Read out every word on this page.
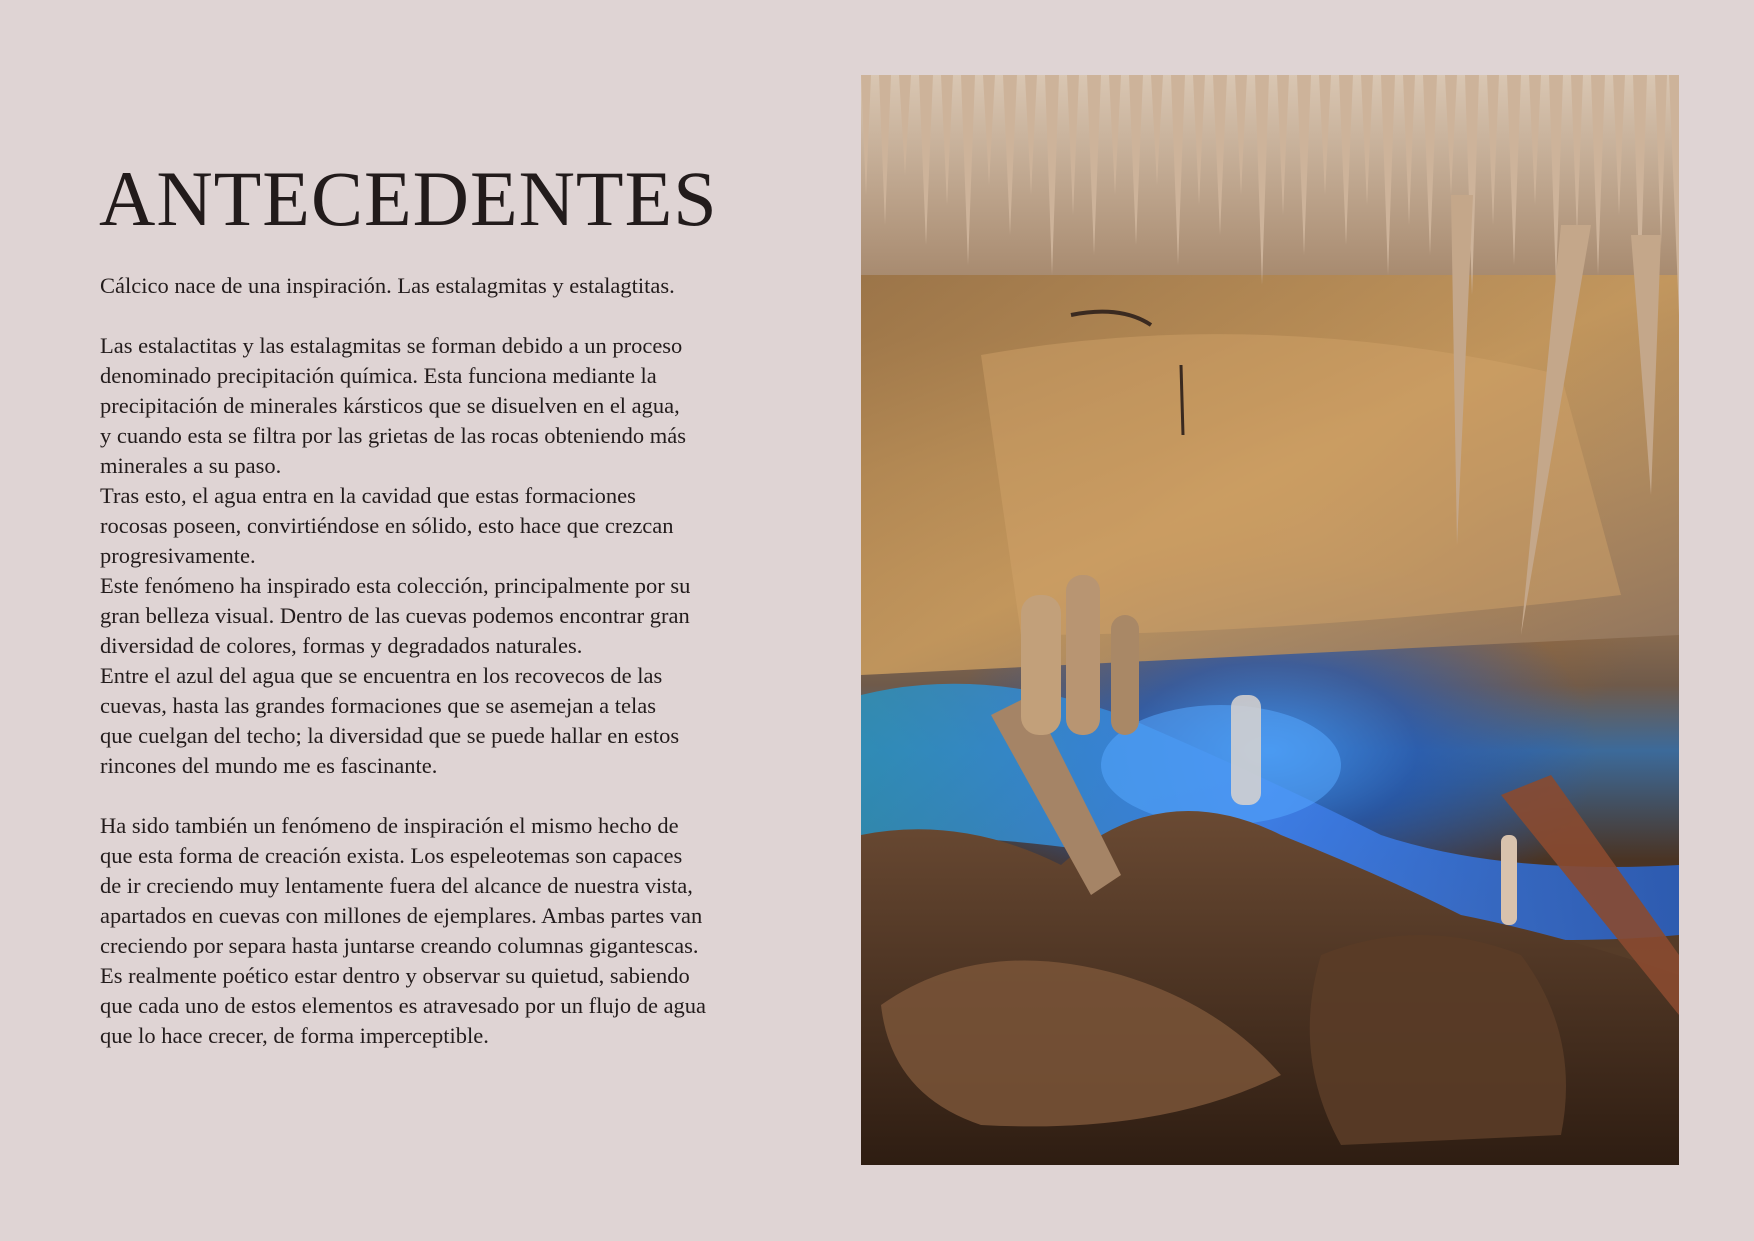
ANTECEDENTES

Cálcico nace de una inspiración. Las estalagmitas y estalagtitas.

Las estalactitas y las estalagmitas se forman debido a un proceso

denominado precipitación química. Esta funciona mediante la

precipitación de minerales kársticos que se disuelven en el agua,

y cuando esta se filtra por las grietas de las rocas obteniendo más

minerales a su paso.

Tras esto, el agua entra en la cavidad que estas formaciones

rocosas poseen, convirtiéndose en sólido, esto hace que crezcan

progresivamente.

Este fenómeno ha inspirado esta colección, principalmente por su

gran belleza visual. Dentro de las cuevas podemos encontrar gran

diversidad de colores, formas y degradados naturales.

Entre el azul del agua que se encuentra en los recovecos de las

cuevas, hasta las grandes formaciones que se asemejan a telas

que cuelgan del techo; la diversidad que se puede hallar en estos

rincones del mundo me es fascinante.

Ha sido también un fenómeno de inspiración el mismo hecho de

que esta forma de creación exista. Los espeleotemas son capaces

de ir creciendo muy lentamente fuera del alcance de nuestra vista,

apartados en cuevas con millones de ejemplares. Ambas partes van

creciendo por separa hasta juntarse creando columnas gigantescas.

Es realmente poético estar dentro y observar su quietud, sabiendo

que cada uno de estos elementos es atravesado por un flujo de agua

que lo hace crecer, de forma imperceptible.
